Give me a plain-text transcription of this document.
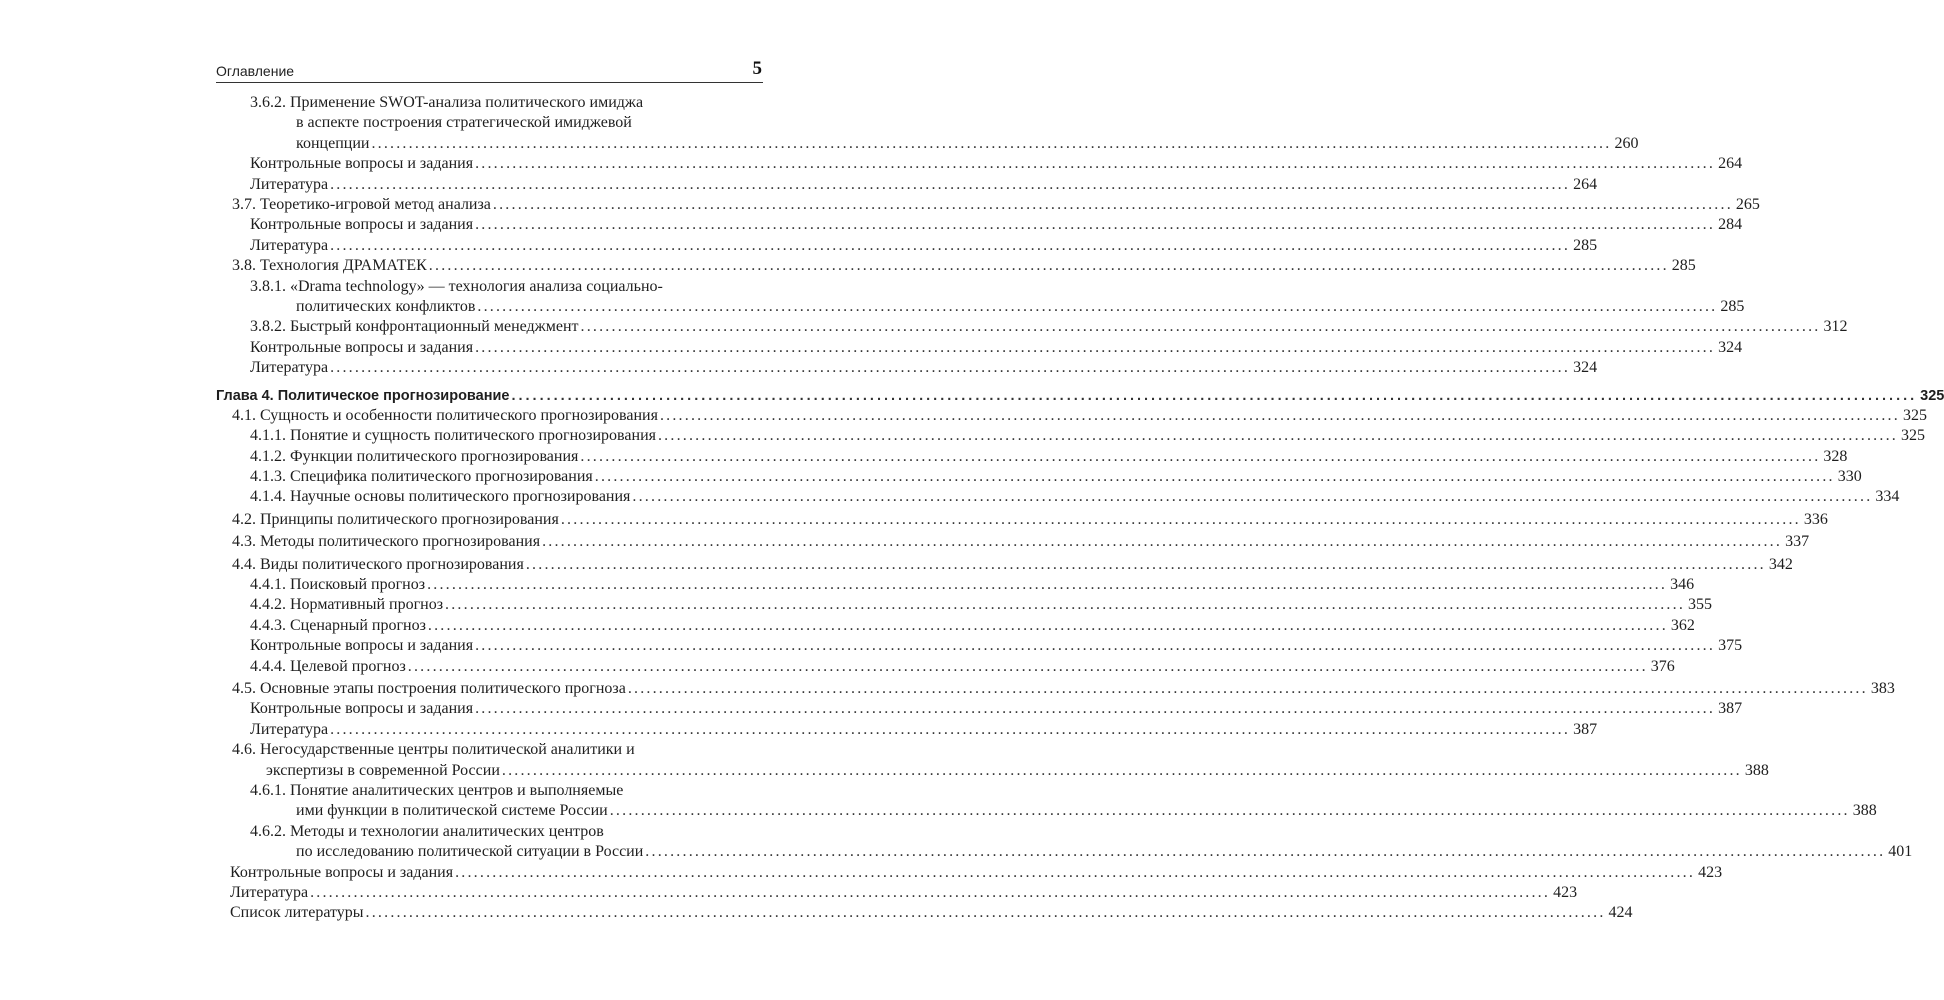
Оглавление	5
3.6.2. Применение SWOT-анализа политического имиджа
в аспекте построения стратегической имиджевой
концепции ........................................................................................................................................................................................................ 260
Контрольные вопросы и задания ........................................................................................................................................................................................................ 264
Литература ........................................................................................................................................................................................................ 264
3.7. Теоретико-игровой метод анализа ........................................................................................................................................................................................................ 265
Контрольные вопросы и задания ........................................................................................................................................................................................................ 284
Литература ........................................................................................................................................................................................................ 285
3.8. Технология ДРАМАТЕК ........................................................................................................................................................................................................ 285
3.8.1. «Drama technology» — технология анализа социально-
политических конфликтов ........................................................................................................................................................................................................ 285
3.8.2. Быстрый конфронтационный менеджмент ........................................................................................................................................................................................................ 312
Контрольные вопросы и задания ........................................................................................................................................................................................................ 324
Литература ........................................................................................................................................................................................................ 324
Глава 4. Политическое прогнозирование ........................................................................................................................................................................................................ 325
4.1. Сущность и особенности политического прогнозирования ........................................................................................................................................................................................................ 325
4.1.1. Понятие и сущность политического прогнозирования ........................................................................................................................................................................................................ 325
4.1.2. Функции политического прогнозирования ........................................................................................................................................................................................................ 328
4.1.3. Специфика политического прогнозирования ........................................................................................................................................................................................................ 330
4.1.4. Научные основы политического прогнозирования ........................................................................................................................................................................................................ 334
4.2. Принципы политического прогнозирования ........................................................................................................................................................................................................ 336
4.3. Методы политического прогнозирования ........................................................................................................................................................................................................ 337
4.4. Виды политического прогнозирования ........................................................................................................................................................................................................ 342
4.4.1. Поисковый прогноз ........................................................................................................................................................................................................ 346
4.4.2. Нормативный прогноз ........................................................................................................................................................................................................ 355
4.4.3. Сценарный прогноз ........................................................................................................................................................................................................ 362
Контрольные вопросы и задания ........................................................................................................................................................................................................ 375
4.4.4. Целевой прогноз ........................................................................................................................................................................................................ 376
4.5. Основные этапы построения политического прогноза ........................................................................................................................................................................................................ 383
Контрольные вопросы и задания ........................................................................................................................................................................................................ 387
Литература ........................................................................................................................................................................................................ 387
4.6. Негосударственные центры политической аналитики и
экспертизы в современной России ........................................................................................................................................................................................................ 388
4.6.1. Понятие аналитических центров и выполняемые
ими функции в политической системе России ........................................................................................................................................................................................................ 388
4.6.2. Методы и технологии аналитических центров
по исследованию политической ситуации в России ........................................................................................................................................................................................................ 401
Контрольные вопросы и задания ........................................................................................................................................................................................................ 423
Литература ........................................................................................................................................................................................................ 423
Список литературы ........................................................................................................................................................................................................ 424
